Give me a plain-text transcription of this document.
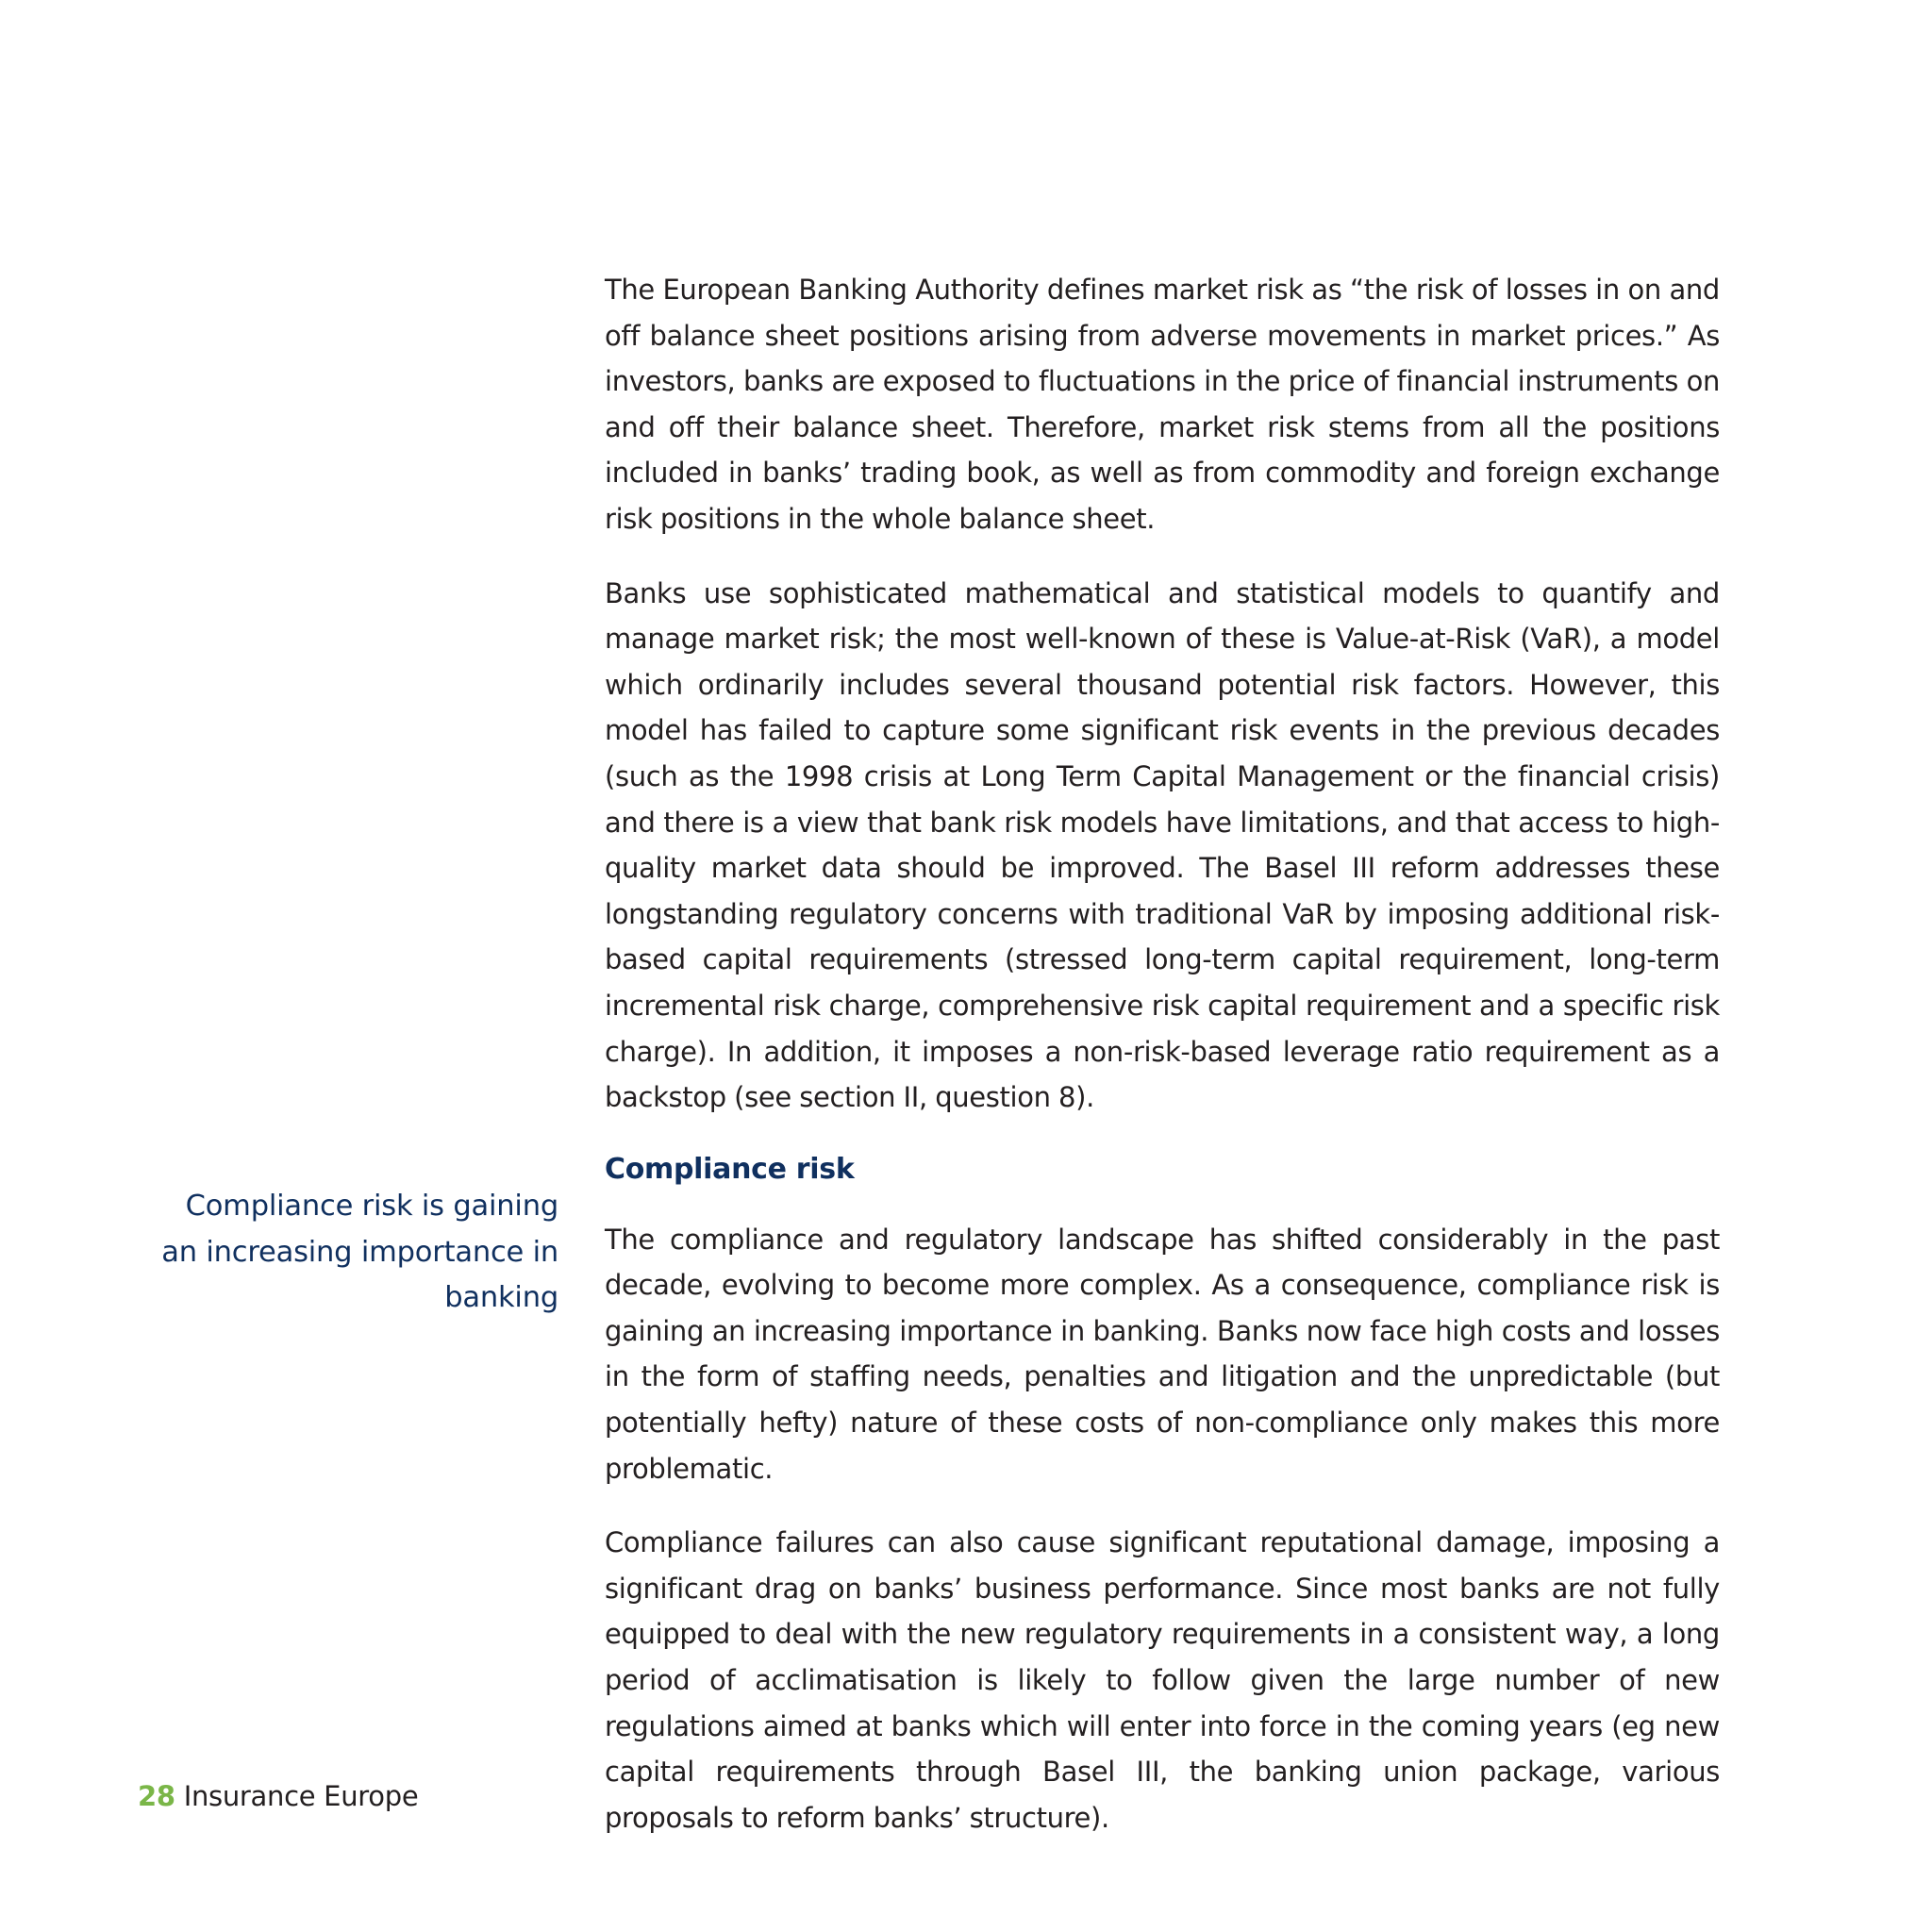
The European Banking Authority defines market risk as “the risk of losses in on and off balance sheet positions arising from adverse movements in market prices.” As investors, banks are exposed to fluctuations in the price of financial instruments on and off their balance sheet. Therefore, market risk stems from all the positions included in banks’ trading book, as well as from commodity and foreign exchange risk positions in the whole balance sheet.

Banks use sophisticated mathematical and statistical models to quantify and manage market risk; the most well-known of these is Value-at-Risk (VaR), a model which ordinarily includes several thousand potential risk factors. However, this model has failed to capture some significant risk events in the previous decades (such as the 1998 crisis at Long Term Capital Management or the financial crisis) and there is a view that bank risk models have limitations, and that access to high-quality market data should be improved. The Basel III reform addresses these longstanding regulatory concerns with traditional VaR by imposing additional risk-based capital requirements (stressed long-term capital requirement, long-term incremental risk charge, comprehensive risk capital requirement and a specific risk charge). In addition, it imposes a non-risk-based leverage ratio requirement as a backstop (see section II, question 8).

Compliance risk

The compliance and regulatory landscape has shifted considerably in the past decade, evolving to become more complex. As a consequence, compliance risk is gaining an increasing importance in banking. Banks now face high costs and losses in the form of staffing needs, penalties and litigation and the unpredictable (but potentially hefty) nature of these costs of non-compliance only makes this more problematic.

Compliance failures can also cause significant reputational damage, imposing a significant drag on banks’ business performance. Since most banks are not fully equipped to deal with the new regulatory requirements in a consistent way, a long period of acclimatisation is likely to follow given the large number of new regulations aimed at banks which will enter into force in the coming years (eg new capital requirements through Basel III, the banking union package, various proposals to reform banks’ structure).

Compliance risk is gaining an increasing importance in banking
28 Insurance Europe
